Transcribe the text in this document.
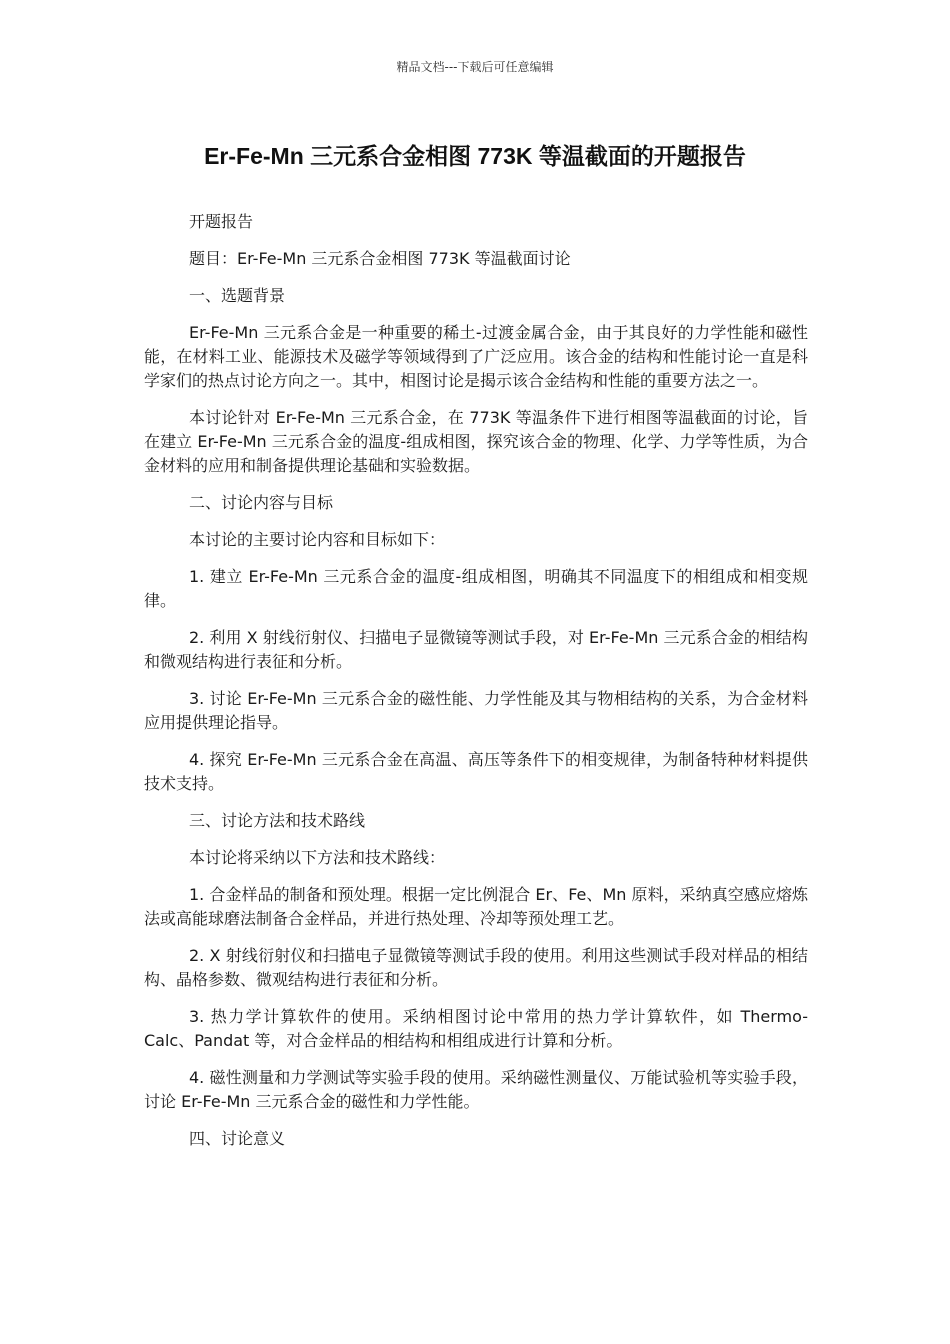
精品文档---下载后可任意编辑
Er-Fe-Mn 三元系合金相图 773K 等温截面的开题报告

开题报告

题目：Er-Fe-Mn 三元系合金相图 773K 等温截面讨论

一、选题背景

Er-Fe-Mn 三元系合金是一种重要的稀土-过渡金属合金，由于其良好的力学性能和磁性能，在材料工业、能源技术及磁学等领域得到了广泛应用。该合金的结构和性能讨论一直是科学家们的热点讨论方向之一。其中，相图讨论是揭示该合金结构和性能的重要方法之一。

本讨论针对 Er-Fe-Mn 三元系合金，在 773K 等温条件下进行相图等温截面的讨论，旨在建立 Er-Fe-Mn 三元系合金的温度-组成相图，探究该合金的物理、化学、力学等性质，为合金材料的应用和制备提供理论基础和实验数据。

二、讨论内容与目标

本讨论的主要讨论内容和目标如下：

1. 建立 Er-Fe-Mn 三元系合金的温度-组成相图，明确其不同温度下的相组成和相变规律。

2. 利用 X 射线衍射仪、扫描电子显微镜等测试手段，对 Er-Fe-Mn 三元系合金的相结构和微观结构进行表征和分析。

3. 讨论 Er-Fe-Mn 三元系合金的磁性能、力学性能及其与物相结构的关系，为合金材料应用提供理论指导。

4. 探究 Er-Fe-Mn 三元系合金在高温、高压等条件下的相变规律，为制备特种材料提供技术支持。

三、讨论方法和技术路线

本讨论将采纳以下方法和技术路线：

1. 合金样品的制备和预处理。根据一定比例混合 Er、Fe、Mn 原料，采纳真空感应熔炼法或高能球磨法制备合金样品，并进行热处理、冷却等预处理工艺。

2. X 射线衍射仪和扫描电子显微镜等测试手段的使用。利用这些测试手段对样品的相结构、晶格参数、微观结构进行表征和分析。

3. 热力学计算软件的使用。采纳相图讨论中常用的热力学计算软件，如 Thermo-Calc、Pandat 等，对合金样品的相结构和相组成进行计算和分析。

4. 磁性测量和力学测试等实验手段的使用。采纳磁性测量仪、万能试验机等实验手段，讨论 Er-Fe-Mn 三元系合金的磁性和力学性能。

四、讨论意义
